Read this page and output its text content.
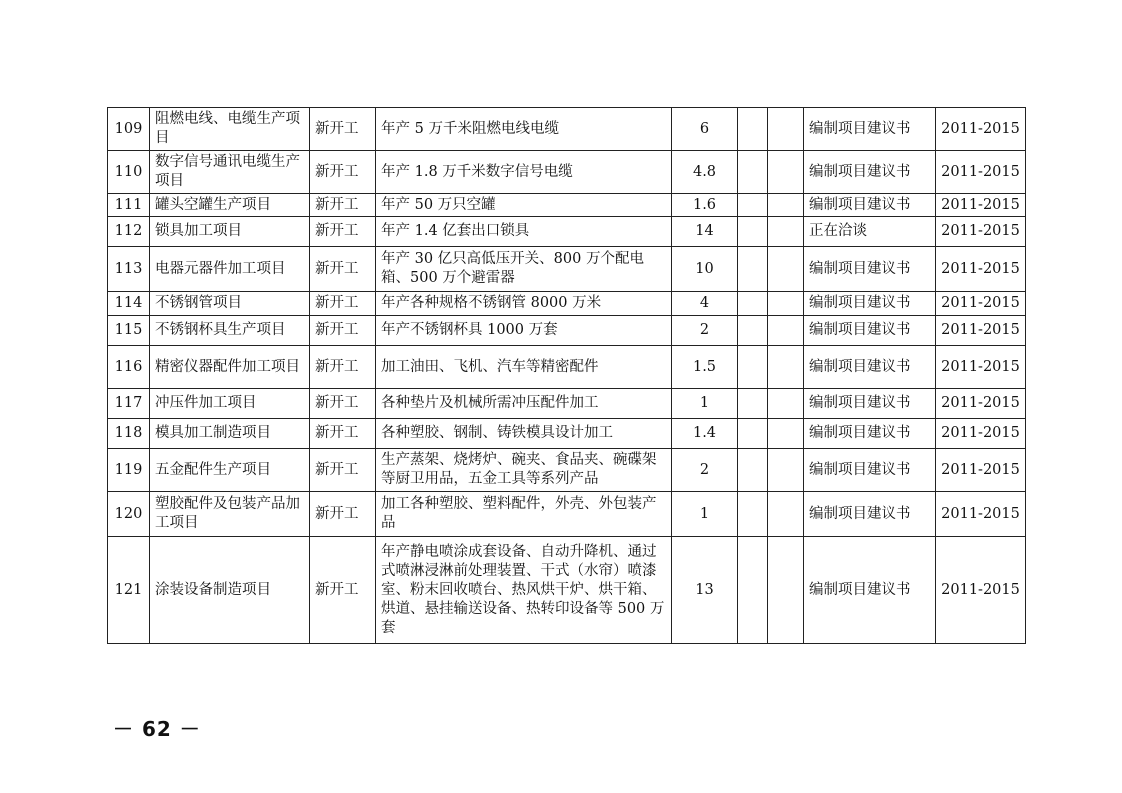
109	阻燃电线、电缆生产项目	新开工	年产 5 万千米阻燃电线电缆	6			编制项目建议书	2011-2015
110	数字信号通讯电缆生产项目	新开工	年产 1.8 万千米数字信号电缆	4.8			编制项目建议书	2011-2015
111	罐头空罐生产项目	新开工	年产 50 万只空罐	1.6			编制项目建议书	2011-2015
112	锁具加工项目	新开工	年产 1.4 亿套出口锁具	14			正在洽谈	2011-2015
113	电器元器件加工项目	新开工	年产 30 亿只高低压开关、800 万个配电箱、500 万个避雷器	10			编制项目建议书	2011-2015
114	不锈钢管项目	新开工	年产各种规格不锈钢管 8000 万米	4			编制项目建议书	2011-2015
115	不锈钢杯具生产项目	新开工	年产不锈钢杯具 1000 万套	2			编制项目建议书	2011-2015
116	精密仪器配件加工项目	新开工	加工油田、飞机、汽车等精密配件	1.5			编制项目建议书	2011-2015
117	冲压件加工项目	新开工	各种垫片及机械所需冲压配件加工	1			编制项目建议书	2011-2015
118	模具加工制造项目	新开工	各种塑胶、钢制、铸铁模具设计加工	1.4			编制项目建议书	2011-2015
119	五金配件生产项目	新开工	生产蒸架、烧烤炉、碗夹、食品夹、碗碟架等厨卫用品，五金工具等系列产品	2			编制项目建议书	2011-2015
120	塑胶配件及包装产品加工项目	新开工	加工各种塑胶、塑料配件，外壳、外包装产品	1			编制项目建议书	2011-2015
121	涂装设备制造项目	新开工	年产静电喷涂成套设备、自动升降机、通过式喷淋浸淋前处理装置、干式（水帘）喷漆室、粉末回收喷台、热风烘干炉、烘干箱、烘道、悬挂输送设备、热转印设备等 500 万套	13			编制项目建议书	2011-2015
－ 62 －
